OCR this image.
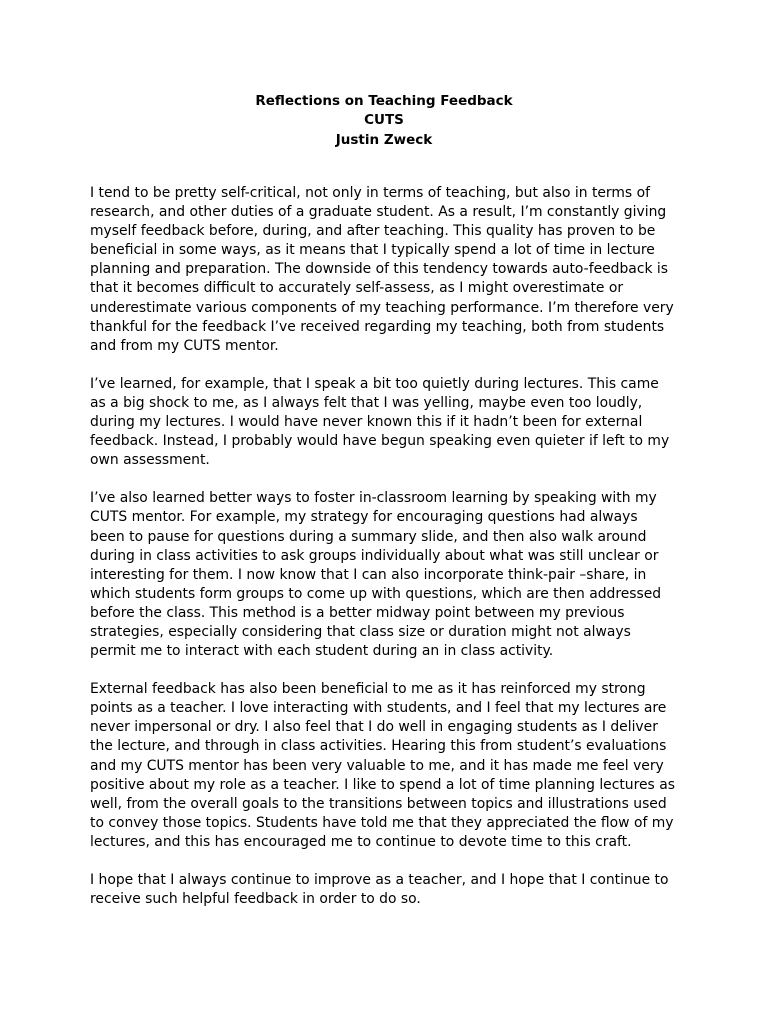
Reflections on Teaching Feedback
CUTS
Justin Zweck
I tend to be pretty self-critical, not only in terms of teaching, but also in terms of
research, and other duties of a graduate student. As a result, I’m constantly giving
myself feedback before, during, and after teaching. This quality has proven to be
beneficial in some ways, as it means that I typically spend a lot of time in lecture
planning and preparation. The downside of this tendency towards auto-feedback is
that it becomes difficult to accurately self-assess, as I might overestimate or
underestimate various components of my teaching performance. I’m therefore very
thankful for the feedback I’ve received regarding my teaching, both from students
and from my CUTS mentor.
I’ve learned, for example, that I speak a bit too quietly during lectures. This came
as a big shock to me, as I always felt that I was yelling, maybe even too loudly,
during my lectures. I would have never known this if it hadn’t been for external
feedback. Instead, I probably would have begun speaking even quieter if left to my
own assessment.
I’ve also learned better ways to foster in-classroom learning by speaking with my
CUTS mentor. For example, my strategy for encouraging questions had always
been to pause for questions during a summary slide, and then also walk around
during in class activities to ask groups individually about what was still unclear or
interesting for them. I now know that I can also incorporate think-pair –share, in
which students form groups to come up with questions, which are then addressed
before the class. This method is a better midway point between my previous
strategies, especially considering that class size or duration might not always
permit me to interact with each student during an in class activity.
External feedback has also been beneficial to me as it has reinforced my strong
points as a teacher. I love interacting with students, and I feel that my lectures are
never impersonal or dry. I also feel that I do well in engaging students as I deliver
the lecture, and through in class activities. Hearing this from student’s evaluations
and my CUTS mentor has been very valuable to me, and it has made me feel very
positive about my role as a teacher. I like to spend a lot of time planning lectures as
well, from the overall goals to the transitions between topics and illustrations used
to convey those topics. Students have told me that they appreciated the flow of my
lectures, and this has encouraged me to continue to devote time to this craft.
I hope that I always continue to improve as a teacher, and I hope that I continue to
receive such helpful feedback in order to do so.
